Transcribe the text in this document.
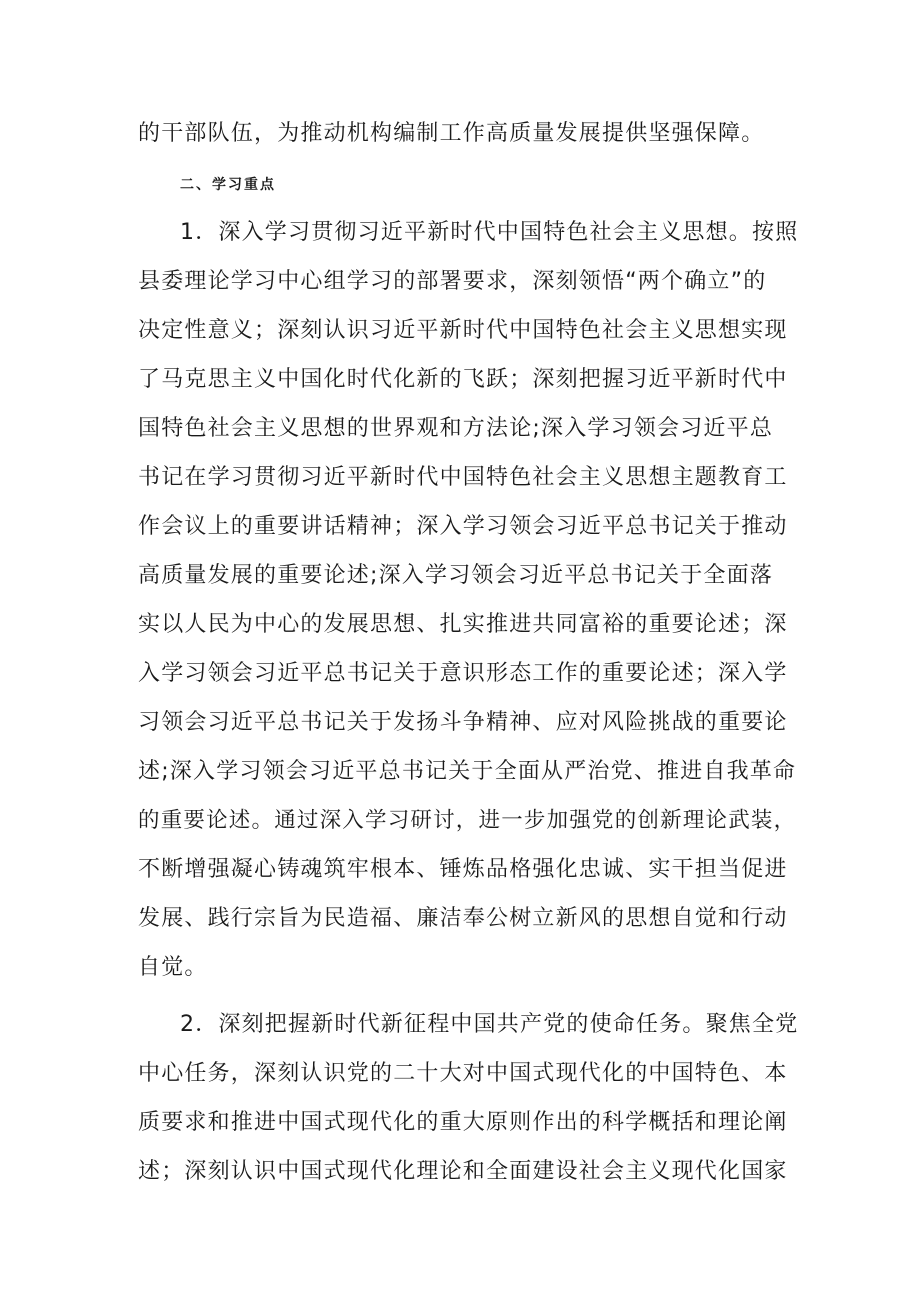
的干部队伍，为推动机构编制工作高质量发展提供坚强保障。
二、学习重点
1．深入学习贯彻习近平新时代中国特色社会主义思想。按照
县委理论学习中心组学习的部署要求，深刻领悟“两个确立”的
决定性意义；深刻认识习近平新时代中国特色社会主义思想实现
了马克思主义中国化时代化新的飞跃；深刻把握习近平新时代中
国特色社会主义思想的世界观和方法论;深入学习领会习近平总
书记在学习贯彻习近平新时代中国特色社会主义思想主题教育工
作会议上的重要讲话精神；深入学习领会习近平总书记关于推动
高质量发展的重要论述;深入学习领会习近平总书记关于全面落
实以人民为中心的发展思想、扎实推进共同富裕的重要论述；深
入学习领会习近平总书记关于意识形态工作的重要论述；深入学
习领会习近平总书记关于发扬斗争精神、应对风险挑战的重要论
述;深入学习领会习近平总书记关于全面从严治党、推进自我革命
的重要论述。通过深入学习研讨，进一步加强党的创新理论武装，
不断增强凝心铸魂筑牢根本、锤炼品格强化忠诚、实干担当促进
发展、践行宗旨为民造福、廉洁奉公树立新风的思想自觉和行动
自觉。
2．深刻把握新时代新征程中国共产党的使命任务。聚焦全党
中心任务，深刻认识党的二十大对中国式现代化的中国特色、本
质要求和推进中国式现代化的重大原则作出的科学概括和理论阐
述；深刻认识中国式现代化理论和全面建设社会主义现代化国家
